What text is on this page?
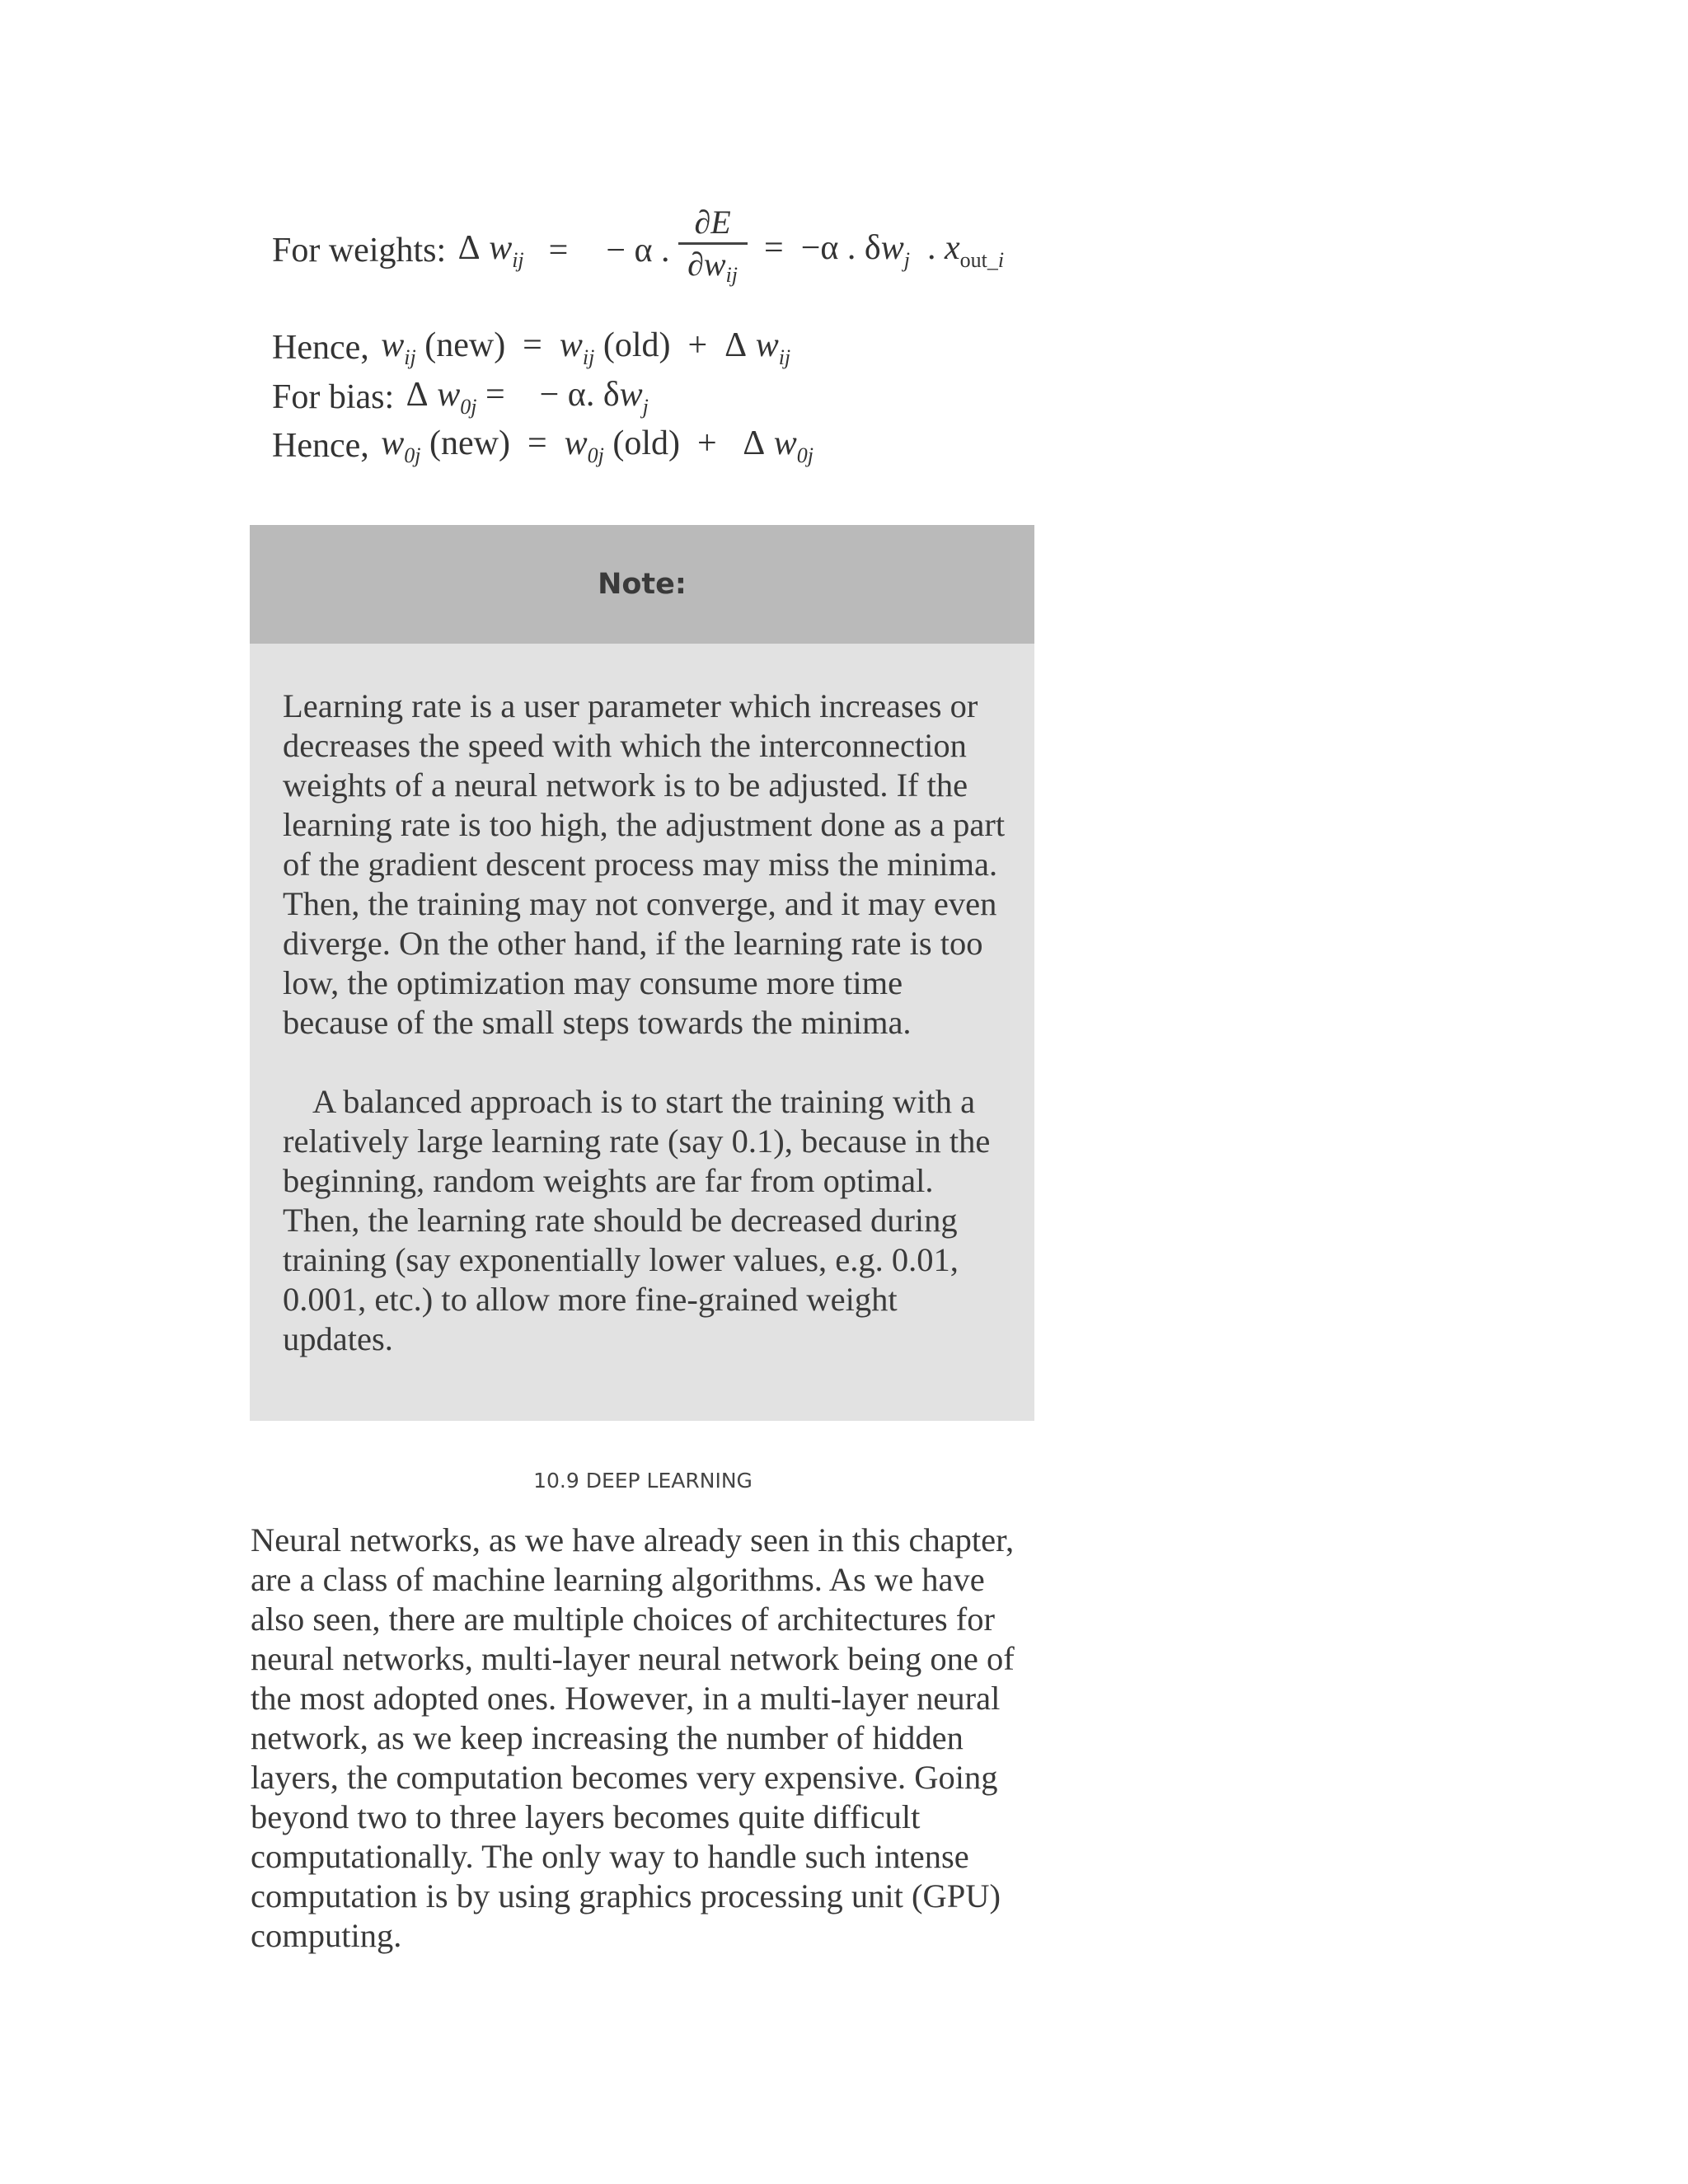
For weights: Δ $w_{ij}$ = − α . $\frac{\partial E}{\partial w_{ij}} = -\alpha$ . $\delta w_j$  . $x_{out\_i}$
Hence, $w_{ij}$ $(new) = w_{ij}$ (old)  +  Δ $w_{ij}$
For bias: Δ $w_{0j}$ =    − α. $\delta w_j$
Hence, $w_{0j}$ $(new) = w_{0j}$ (old)  +   Δ $w_{0j}$
Note:

Learning rate is a user parameter which increases or decreases the speed with which the interconnection weights of a neural network is to be adjusted. If the learning rate is too high, the adjustment done as a part of the gradient descent process may miss the minima. Then, the training may not converge, and it may even diverge. On the other hand, if the learning rate is too low, the optimization may consume more time because of the small steps towards the minima.

A balanced approach is to start the training with a relatively large learning rate (say 0.1), because in the beginning, random weights are far from optimal. Then, the learning rate should be decreased during training (say exponentially lower values, e.g. 0.01, 0.001, etc.) to allow more fine-grained weight updates.

10.9 DEEP LEARNING

Neural networks, as we have already seen in this chapter, are a class of machine learning algorithms. As we have also seen, there are multiple choices of architectures for neural networks, multi-layer neural network being one of the most adopted ones. However, in a multi-layer neural network, as we keep increasing the number of hidden layers, the computation becomes very expensive. Going beyond two to three layers becomes quite difficult computationally. The only way to handle such intense computation is by using graphics processing unit (GPU) computing.
